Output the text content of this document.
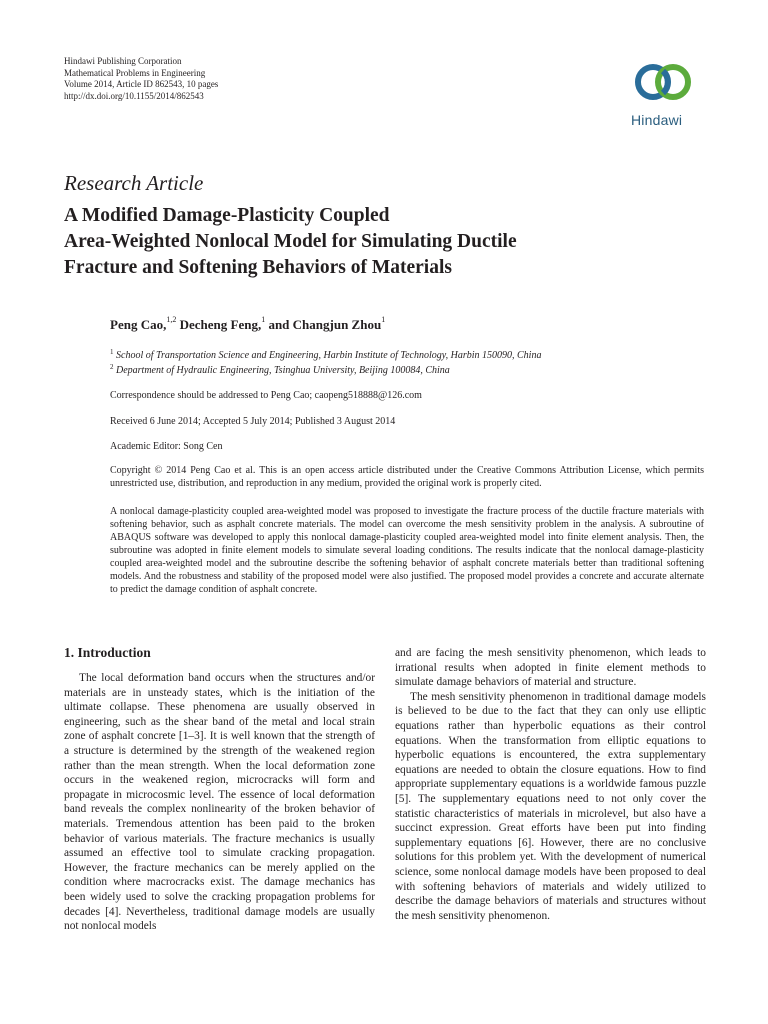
Hindawi Publishing Corporation
Mathematical Problems in Engineering
Volume 2014, Article ID 862543, 10 pages
http://dx.doi.org/10.1155/2014/862543
Hindawi
Research Article
A Modified Damage-Plasticity Coupled
Area-Weighted Nonlocal Model for Simulating Ductile
Fracture and Softening Behaviors of Materials
Peng Cao,$^{1,2}$ Decheng Feng,$^1$ and Changjun Zhou$^1$
$^1$ School of Transportation Science and Engineering, Harbin Institute of Technology, Harbin 150090, China
$^2$ Department of Hydraulic Engineering, Tsinghua University, Beijing 100084, China
Correspondence should be addressed to Peng Cao; caopeng518888@126.com
Received 6 June 2014; Accepted 5 July 2014; Published 3 August 2014
Academic Editor: Song Cen
Copyright © 2014 Peng Cao et al. This is an open access article distributed under the Creative Commons Attribution License, which permits unrestricted use, distribution, and reproduction in any medium, provided the original work is properly cited.
A nonlocal damage-plasticity coupled area-weighted model was proposed to investigate the fracture process of the ductile fracture materials with softening behavior, such as asphalt concrete materials. The model can overcome the mesh sensitivity problem in the analysis. A subroutine of ABAQUS software was developed to apply this nonlocal damage-plasticity coupled area-weighted model into finite element analysis. Then, the subroutine was adopted in finite element models to simulate several loading conditions. The results indicate that the nonlocal damage-plasticity coupled area-weighted model and the subroutine describe the softening behavior of asphalt concrete materials better than traditional softening models. And the robustness and stability of the proposed model were also justified. The proposed model provides a concrete and accurate alternate to predict the damage condition of asphalt concrete.
1. Introduction

The local deformation band occurs when the structures and/or materials are in unsteady states, which is the initiation of the ultimate collapse. These phenomena are usually observed in engineering, such as the shear band of the metal and local strain zone of asphalt concrete [1–3]. It is well known that the strength of a structure is determined by the strength of the weakened region rather than the mean strength. When the local deformation zone occurs in the weakened region, microcracks will form and propagate in microcosmic level. The essence of local deformation band reveals the complex nonlinearity of the broken behavior of materials. Tremendous attention has been paid to the broken behavior of various materials. The fracture mechanics is usually assumed an effective tool to simulate cracking propagation. However, the fracture mechanics can be merely applied on the condition where macrocracks exist. The damage mechanics has been widely used to solve the cracking propagation problems for decades [4]. Nevertheless, traditional damage models are usually not nonlocal models

and are facing the mesh sensitivity phenomenon, which leads to irrational results when adopted in finite element methods to simulate damage behaviors of material and structure.

The mesh sensitivity phenomenon in traditional damage models is believed to be due to the fact that they can only use elliptic equations rather than hyperbolic equations as their control equations. When the transformation from elliptic equations to hyperbolic equations is encountered, the extra supplementary equations are needed to obtain the closure equations. How to find appropriate supplementary equations is a worldwide famous puzzle [5]. The supplementary equations need to not only cover the statistic characteristics of materials in microlevel, but also have a succinct expression. Great efforts have been put into finding supplementary equations [6]. However, there are no conclusive solutions for this problem yet. With the development of numerical science, some nonlocal damage models have been proposed to deal with softening behaviors of materials and widely utilized to describe the damage behaviors of materials and structures without the mesh sensitivity phenomenon.
